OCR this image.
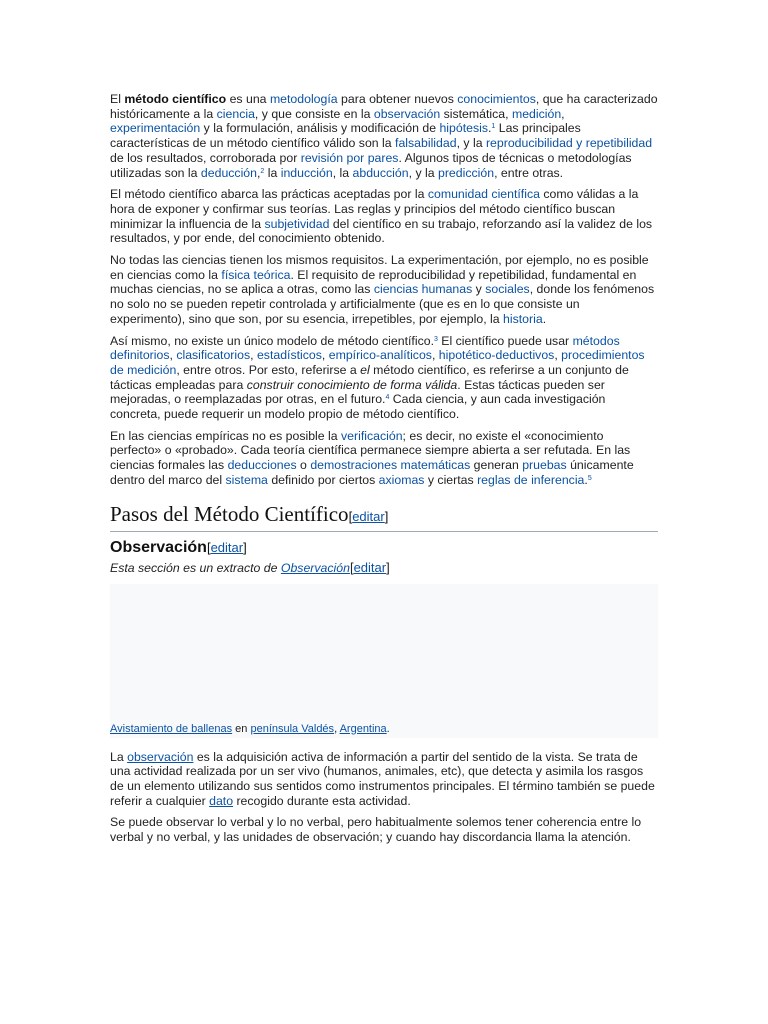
El método científico es una metodología para obtener nuevos conocimientos, que ha caracterizado históricamente a la ciencia, y que consiste en la observación sistemática, medición, experimentación y la formulación, análisis y modificación de hipótesis.$^1$ Las principales características de un método científico válido son la falsabilidad, y la reproducibilidad y repetibilidad de los resultados, corroborada por revisión por pares. Algunos tipos de técnicas o metodologías utilizadas son la deducción,$^2$ la inducción, la abducción, y la predicción, entre otras.

El método científico abarca las prácticas aceptadas por la comunidad científica como válidas a la hora de exponer y confirmar sus teorías. Las reglas y principios del método científico buscan minimizar la influencia de la subjetividad del científico en su trabajo, reforzando así la validez de los resultados, y por ende, del conocimiento obtenido.

No todas las ciencias tienen los mismos requisitos. La experimentación, por ejemplo, no es posible en ciencias como la física teórica. El requisito de reproducibilidad y repetibilidad, fundamental en muchas ciencias, no se aplica a otras, como las ciencias humanas y sociales, donde los fenómenos no solo no se pueden repetir controlada y artificialmente (que es en lo que consiste un experimento), sino que son, por su esencia, irrepetibles, por ejemplo, la historia.

Así mismo, no existe un único modelo de método científico.$^3$ El científico puede usar métodos definitorios, clasificatorios, estadísticos, empírico-analíticos, hipotético-deductivos, procedimientos de medición, entre otros. Por esto, referirse a el método científico, es referirse a un conjunto de tácticas empleadas para construir conocimiento de forma válida. Estas tácticas pueden ser mejoradas, o reemplazadas por otras, en el futuro.$^4$ Cada ciencia, y aun cada investigación concreta, puede requerir un modelo propio de método científico.

En las ciencias empíricas no es posible la verificación; es decir, no existe el «conocimiento perfecto» o «probado». Cada teoría científica permanece siempre abierta a ser refutada. En las ciencias formales las deducciones o demostraciones matemáticas generan pruebas únicamente dentro del marco del sistema definido por ciertos axiomas y ciertas reglas de inferencia.$^5$

Pasos del Método Científico[editar]
Observación[editar]
Esta sección es un extracto de Observación[editar]
Avistamiento de ballenas en península Valdés, Argentina.

La observación es la adquisición activa de información a partir del sentido de la vista. Se trata de una actividad realizada por un ser vivo (humanos, animales, etc), que detecta y asimila los rasgos de un elemento utilizando sus sentidos como instrumentos principales. El término también se puede referir a cualquier dato recogido durante esta actividad.

Se puede observar lo verbal y lo no verbal, pero habitualmente solemos tener coherencia entre lo verbal y no verbal, y las unidades de observación; y cuando hay discordancia llama la atención.
